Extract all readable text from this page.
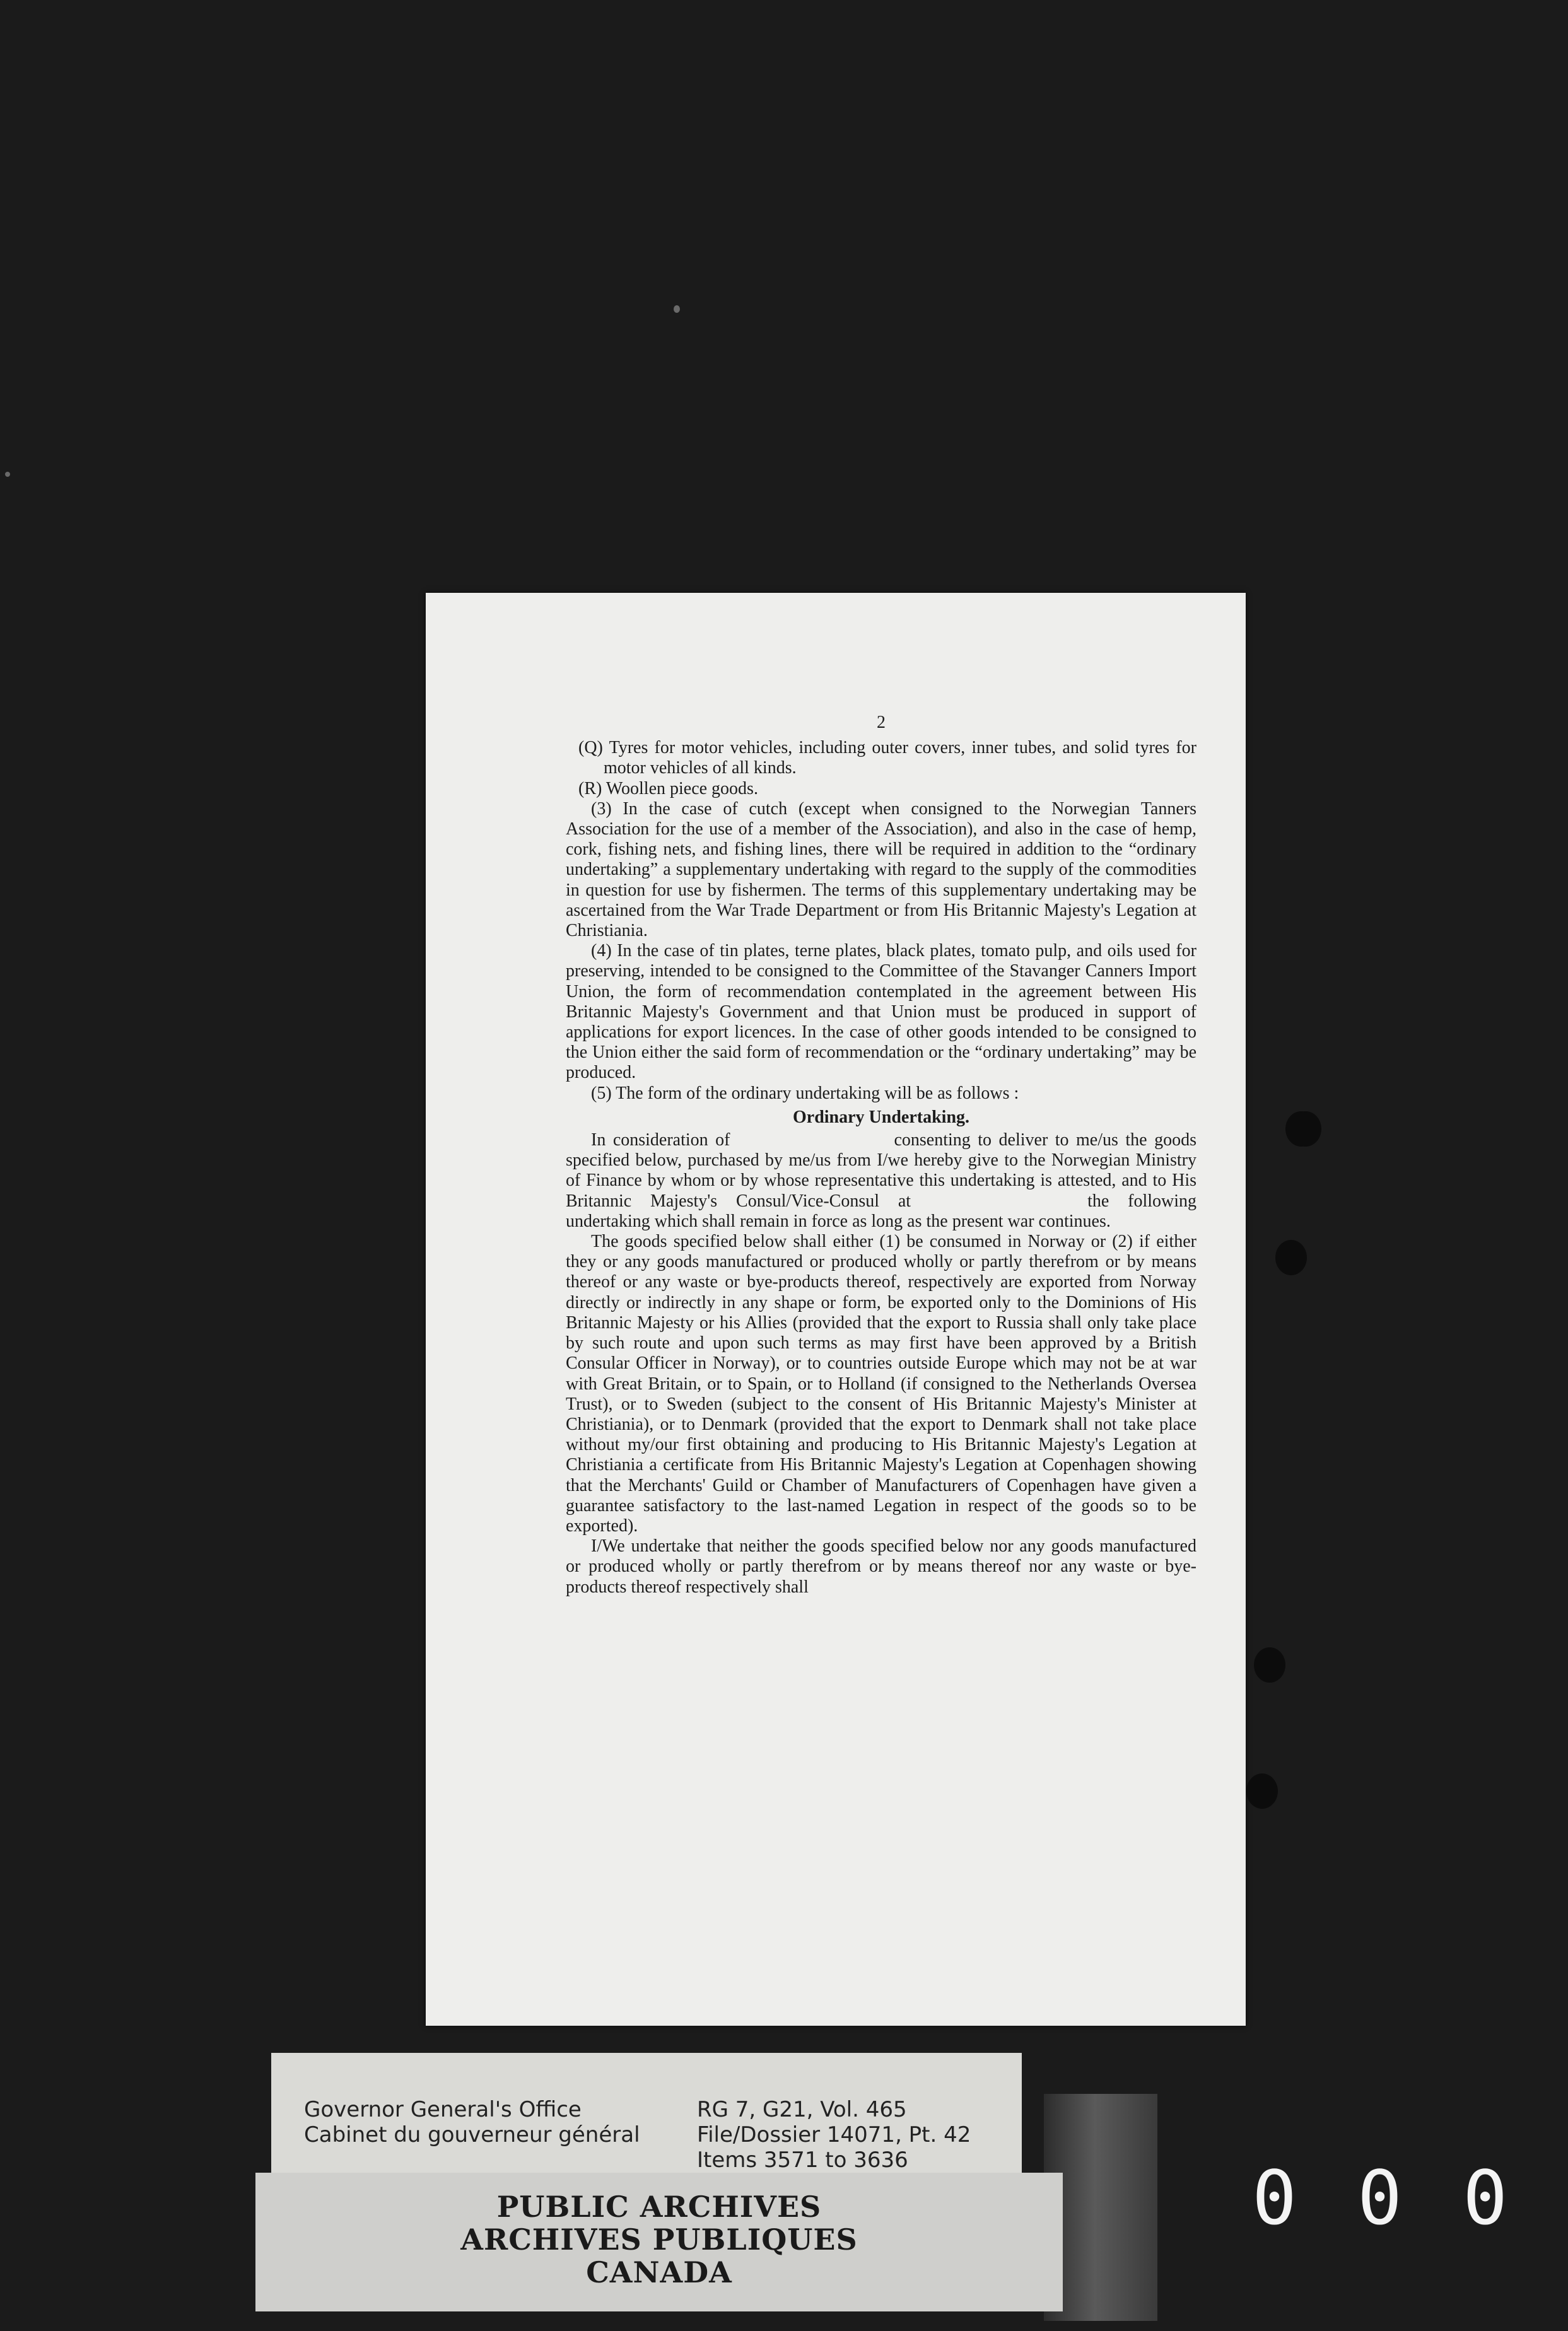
2

(Q) Tyres for motor vehicles, including outer covers, inner tubes, and solid tyres for motor vehicles of all kinds.

(R) Woollen piece goods.

(3) In the case of cutch (except when consigned to the Norwegian Tanners Association for the use of a member of the Association), and also in the case of hemp, cork, fishing nets, and fishing lines, there will be required in addition to the “ordinary undertaking” a supplementary undertaking with regard to the supply of the commodities in question for use by fishermen. The terms of this supplementary undertaking may be ascertained from the War Trade Department or from His Britannic Majesty's Legation at Christiania.

(4) In the case of tin plates, terne plates, black plates, tomato pulp, and oils used for preserving, intended to be consigned to the Committee of the Stavanger Canners Import Union, the form of recommendation contemplated in the agreement between His Britannic Majesty's Government and that Union must be produced in support of applications for export licences. In the case of other goods intended to be consigned to the Union either the said form of recommendation or the “ordinary undertaking” may be produced.

(5) The form of the ordinary undertaking will be as follows :

Ordinary Undertaking.

In consideration of	consenting to deliver to me/us the goods specified below, purchased by me/us from I/we hereby give to the Norwegian Ministry of Finance by whom or by whose representative this undertaking is attested, and to His Britannic Majesty's Consul/Vice-Consul at	the following undertaking which shall remain in force as long as the present war continues.

The goods specified below shall either (1) be consumed in Norway or (2) if either they or any goods manufactured or produced wholly or partly therefrom or by means thereof or any waste or bye-products thereof, respectively are exported from Norway directly or indirectly in any shape or form, be exported only to the Dominions of His Britannic Majesty or his Allies (provided that the export to Russia shall only take place by such route and upon such terms as may first have been approved by a British Consular Officer in Norway), or to countries outside Europe which may not be at war with Great Britain, or to Spain, or to Holland (if consigned to the Netherlands Oversea Trust), or to Sweden (subject to the consent of His Britannic Majesty's Minister at Christiania), or to Denmark (provided that the export to Denmark shall not take place without my/our first obtaining and producing to His Britannic Majesty's Legation at Christiania a certificate from His Britannic Majesty's Legation at Copenhagen showing that the Merchants' Guild or Chamber of Manufacturers of Copenhagen have given a guarantee satisfactory to the last-named Legation in respect of the goods so to be exported).

I/We undertake that neither the goods specified below nor any goods manufactured or produced wholly or partly therefrom or by means thereof nor any waste or bye-products thereof respectively shall

Governor General's Office
Cabinet du gouverneur général
RG 7, G21, Vol. 465
File/Dossier 14071, Pt. 42
Items 3571 to 3636
PUBLIC ARCHIVES
ARCHIVES PUBLIQUES
CANADA
000
